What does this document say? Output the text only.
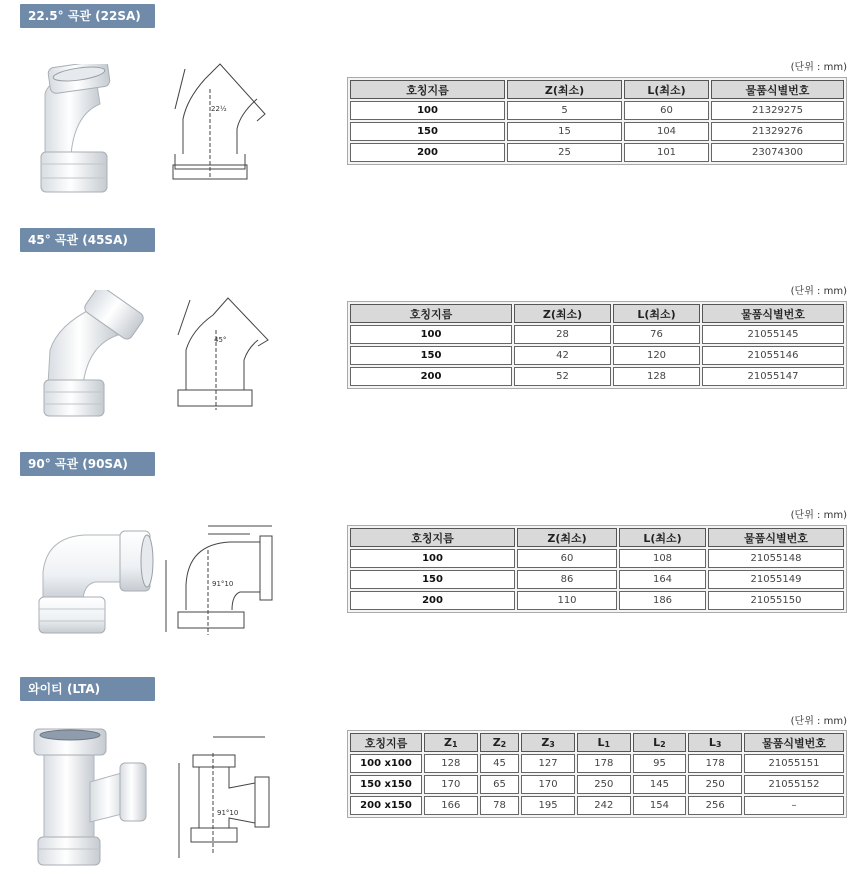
22.5° 곡관 (22SA)
22½
(단위 : mm)
호칭지름	Z(최소)	L(최소)	물품식별번호
100	5	60	21329275
150	15	104	21329276
200	25	101	23074300
45° 곡관 (45SA)
45°
(단위 : mm)
호칭지름	Z(최소)	L(최소)	물품식별번호
100	28	76	21055145
150	42	120	21055146
200	52	128	21055147
90° 곡관 (90SA)
91°10
(단위 : mm)
호칭지름	Z(최소)	L(최소)	물품식별번호
100	60	108	21055148
150	86	164	21055149
200	110	186	21055150
와이티 (LTA)
91°10
(단위 : mm)
호칭지름	Z1	Z2	Z3	L1	L2	L3	물품식별번호
100 x100	128	45	127	178	95	178	21055151
150 x150	170	65	170	250	145	250	21055152
200 x150	166	78	195	242	154	256	–
